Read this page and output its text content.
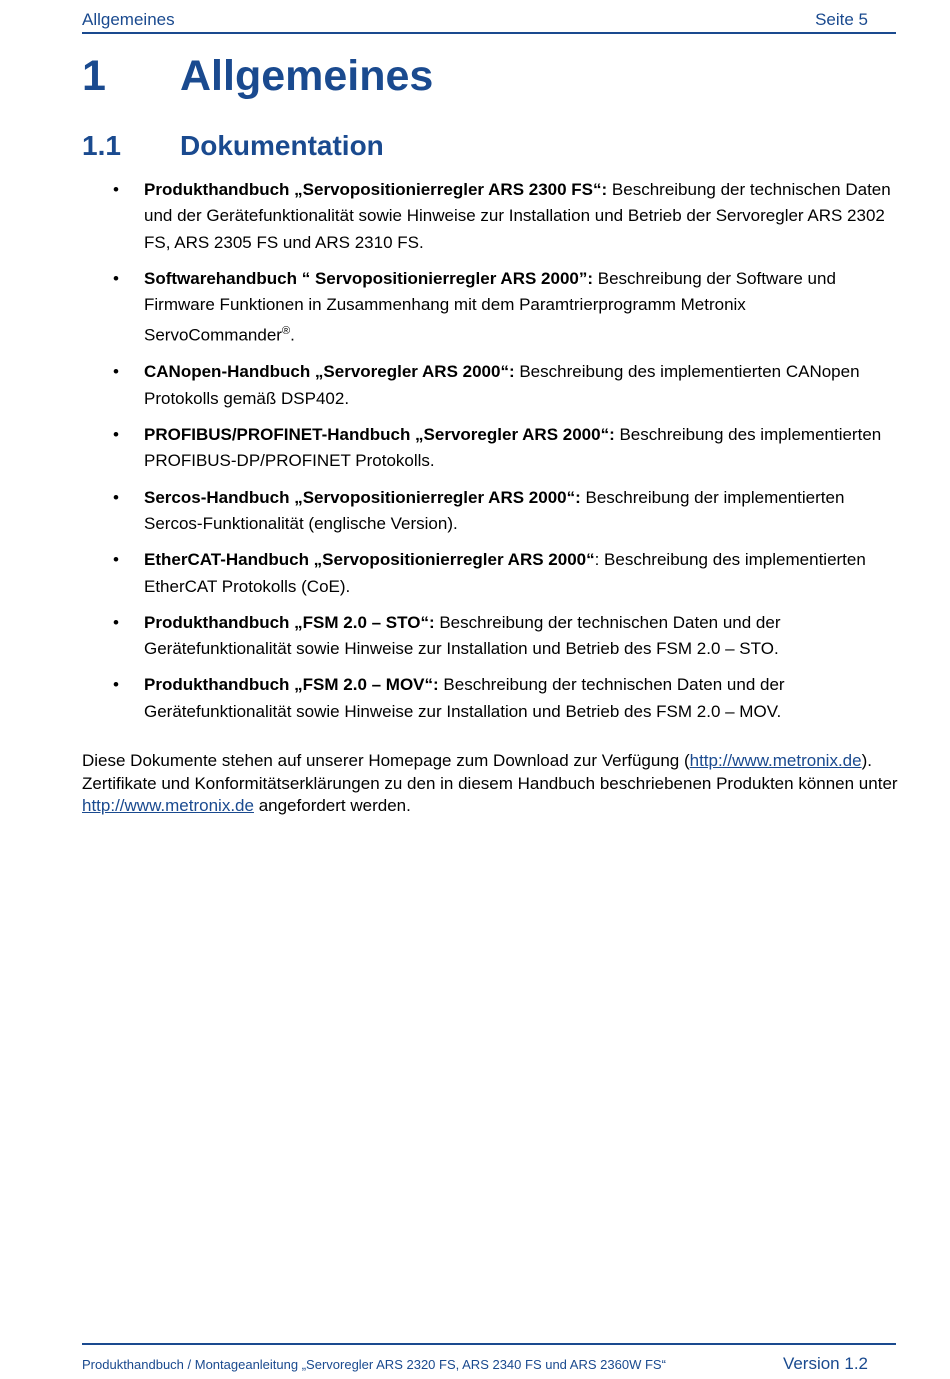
Allgemeines	Seite 5
1 Allgemeines
1.1 Dokumentation
• Produkthandbuch „Servopositionierregler ARS 2300 FS“: Beschreibung der technischen Daten und der Gerätefunktionalität sowie Hinweise zur Installation und Betrieb der Servoregler ARS 2302 FS, ARS 2305 FS und ARS 2310 FS.
• Softwarehandbuch “ Servopositionierregler ARS 2000”: Beschreibung der Software und Firmware Funktionen in Zusammenhang mit dem Paramtrierprogramm Metronix ServoCommander®.
• CANopen-Handbuch „Servoregler ARS 2000“: Beschreibung des implementierten CANopen Protokolls gemäß DSP402.
• PROFIBUS/PROFINET-Handbuch „Servoregler ARS 2000“: Beschreibung des implementierten PROFIBUS-DP/PROFINET Protokolls.
• Sercos-Handbuch „Servopositionierregler ARS 2000“: Beschreibung der implementierten Sercos-Funktionalität (englische Version).
• EtherCAT-Handbuch „Servopositionierregler ARS 2000“: Beschreibung des implementierten EtherCAT Protokolls (CoE).
• Produkthandbuch „FSM 2.0 – STO“: Beschreibung der technischen Daten und der Gerätefunktionalität sowie Hinweise zur Installation und Betrieb des FSM 2.0 – STO.
• Produkthandbuch „FSM 2.0 – MOV“: Beschreibung der technischen Daten und der Gerätefunktionalität sowie Hinweise zur Installation und Betrieb des FSM 2.0 – MOV.
Diese Dokumente stehen auf unserer Homepage zum Download zur Verfügung (http://www.metronix.de). Zertifikate und Konformitätserklärungen zu den in diesem Handbuch beschriebenen Produkten können unter http://www.metronix.de angefordert werden.
Produkthandbuch / Montageanleitung „Servoregler ARS 2320 FS, ARS 2340 FS und ARS 2360W FS“	Version 1.2
